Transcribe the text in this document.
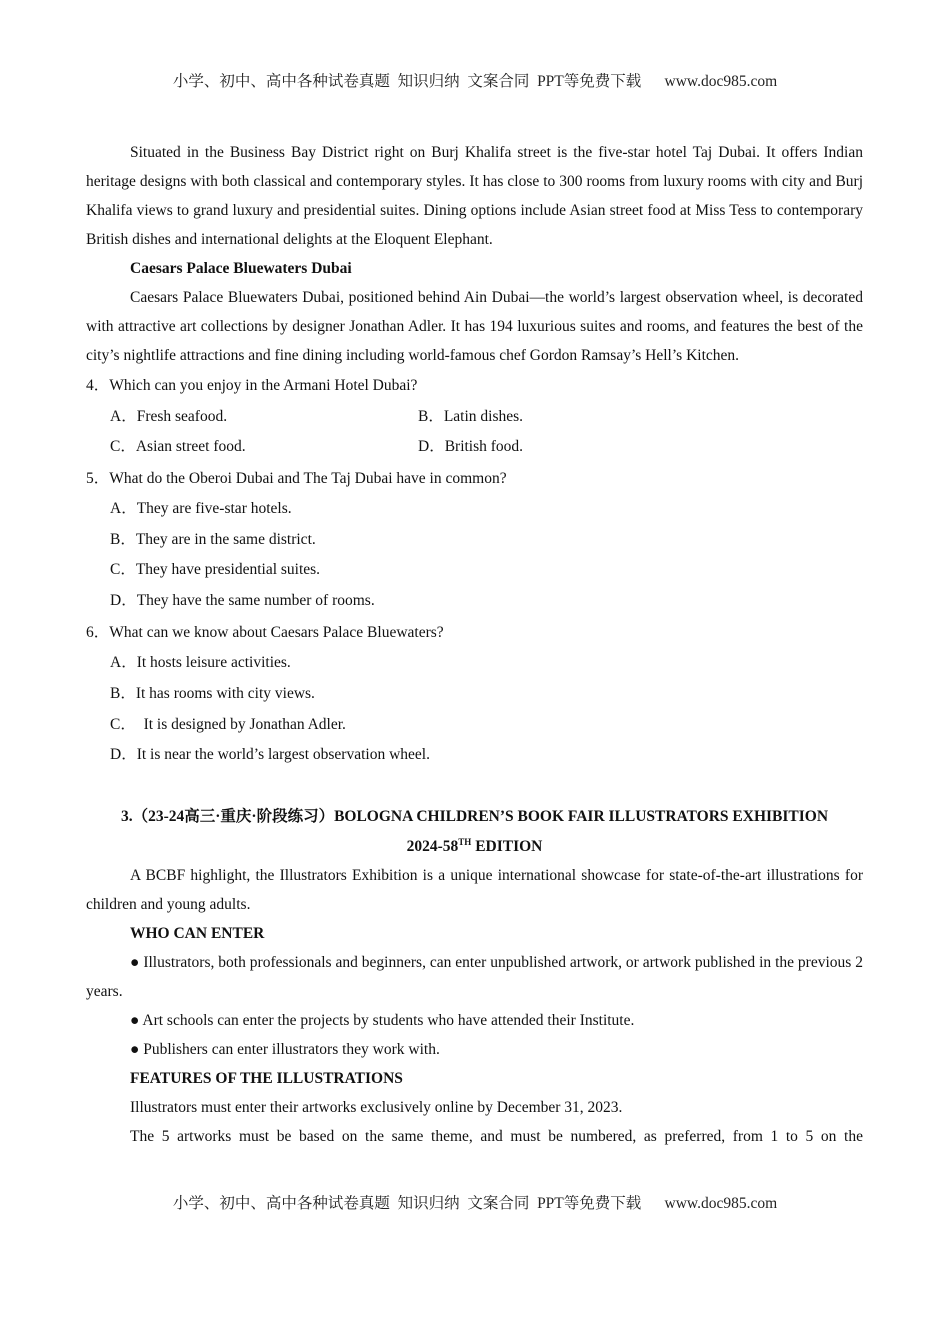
小学、初中、高中各种试卷真题  知识归纳  文案合同  PPT等免费下载      www.doc985.com

Situated in the Business Bay District right on Burj Khalifa street is the five-star hotel Taj Dubai. It offers Indian heritage designs with both classical and contemporary styles. It has close to 300 rooms from luxury rooms with city and Burj Khalifa views to grand luxury and presidential suites. Dining options include Asian street food at Miss Tess to contemporary British dishes and international delights at the Eloquent Elephant.

Caesars Palace Bluewaters Dubai

Caesars Palace Bluewaters Dubai, positioned behind Ain Dubai—the world’s largest observation wheel, is decorated with attractive art collections by designer Jonathan Adler. It has 194 luxurious suites and rooms, and features the best of the city’s nightlife attractions and fine dining including world-famous chef Gordon Ramsay’s Hell’s Kitchen.

4．Which can you enjoy in the Armani Hotel Dubai?

A．Fresh seafood.	B．Latin dishes.
C．Asian street food.	D．British food.

5．What do the Oberoi Dubai and The Taj Dubai have in common?

A．They are five-star hotels.

B．They are in the same district.

C．They have presidential suites.

D．They have the same number of rooms.

6．What can we know about Caesars Palace Bluewaters?

A．It hosts leisure activities.

B．It has rooms with city views.

C．  It is designed by Jonathan Adler.

D．It is near the world’s largest observation wheel.

3.（23-24高三·重庆·阶段练习）BOLOGNA CHILDREN’S BOOK FAIR ILLUSTRATORS EXHIBITION

2024-58TH EDITION

A BCBF highlight, the Illustrators Exhibition is a unique international showcase for state-of-the-art illustrations for children and young adults.

WHO CAN ENTER

● Illustrators, both professionals and beginners, can enter unpublished artwork, or artwork published in the previous 2 years.

● Art schools can enter the projects by students who have attended their Institute.

● Publishers can enter illustrators they work with.

FEATURES OF THE ILLUSTRATIONS

Illustrators must enter their artworks exclusively online by December 31, 2023.

The 5 artworks must be based on the same theme, and must be numbered, as preferred, from 1 to 5 on the

小学、初中、高中各种试卷真题  知识归纳  文案合同  PPT等免费下载      www.doc985.com
